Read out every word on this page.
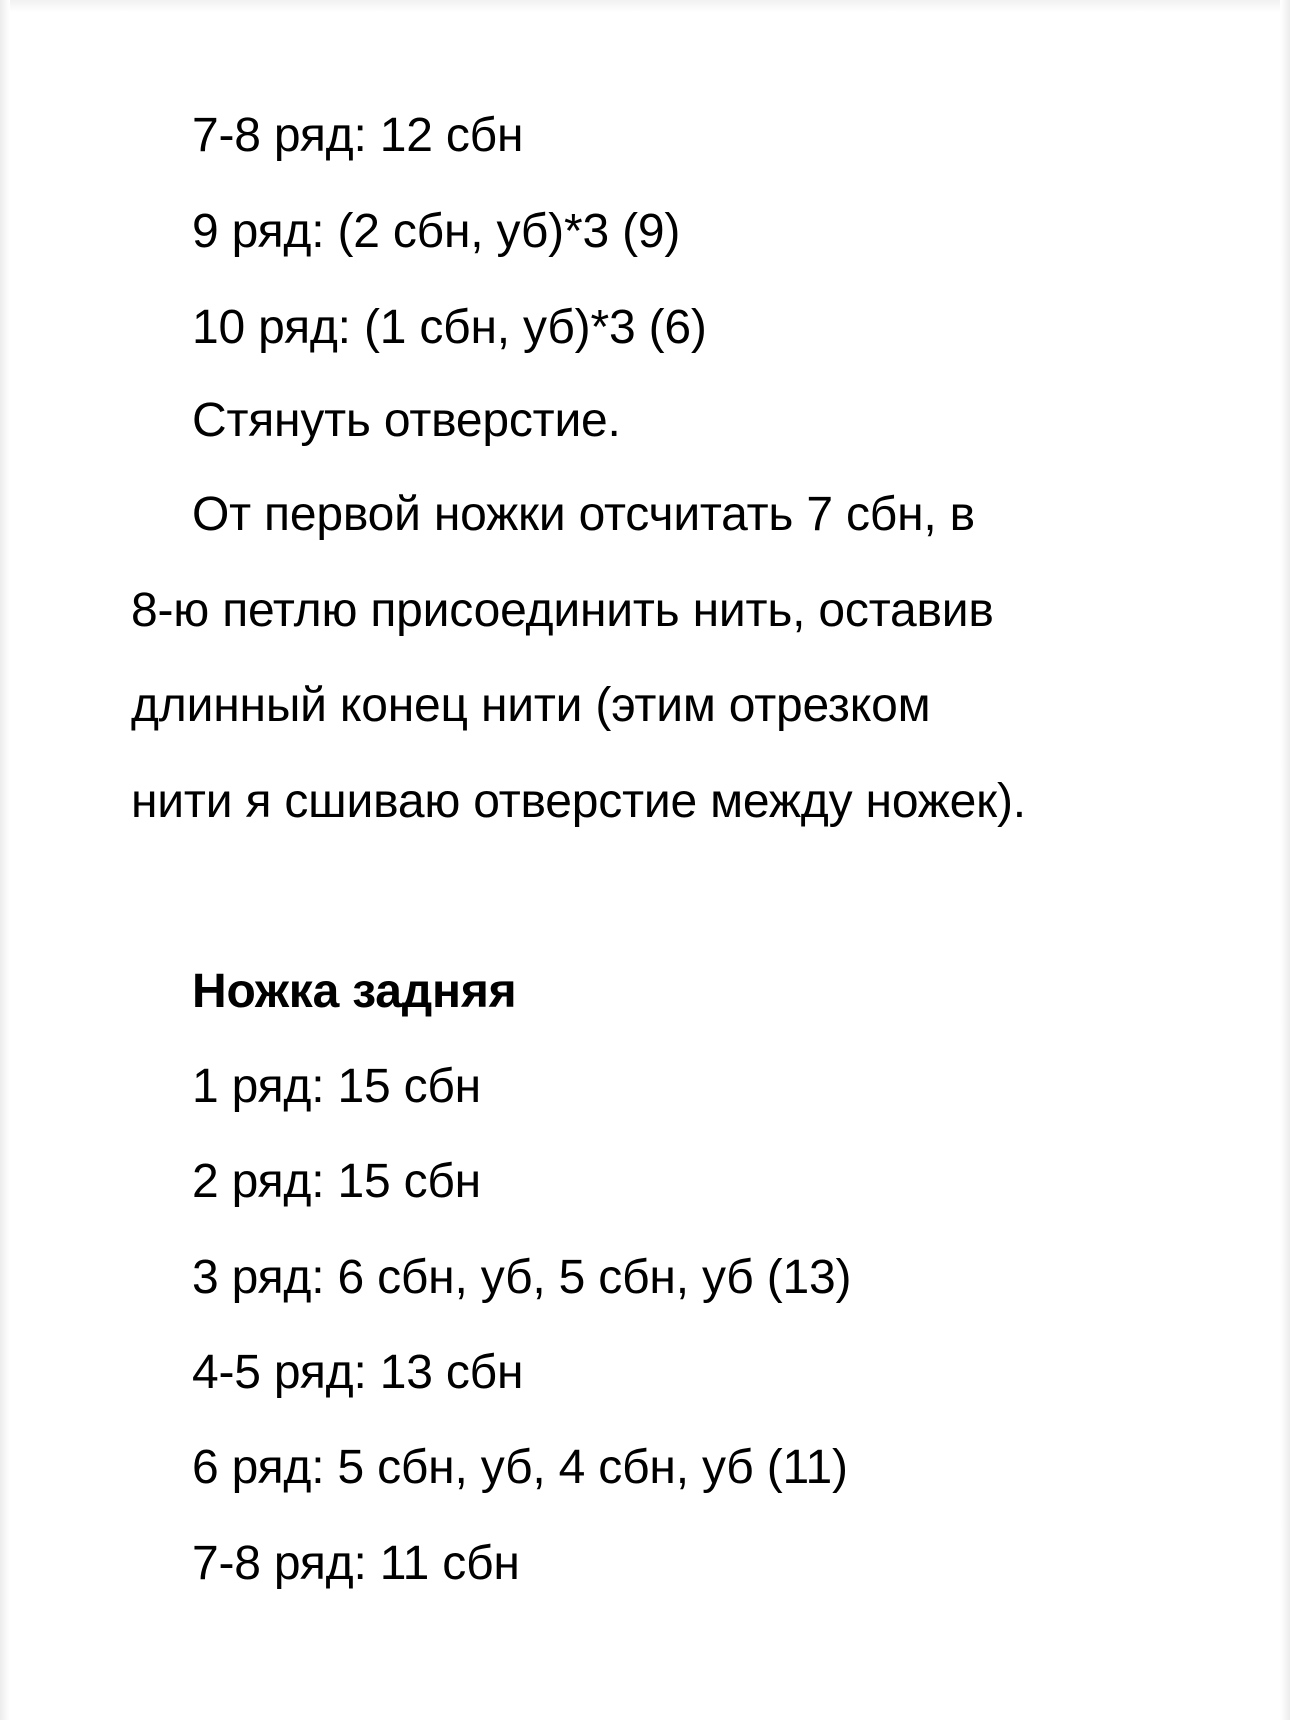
7-8 ряд: 12 сбн

9 ряд: (2 сбн, уб)*3 (9)

10 ряд: (1 сбн, уб)*3 (6)

Стянуть отверстие.

От первой ножки отсчитать 7 сбн, в

8-ю петлю присоединить нить, оставив

длинный конец нити (этим отрезком

нити я сшиваю отверстие между ножек).

Ножка задняя

1 ряд: 15 сбн

2 ряд: 15 сбн

3 ряд: 6 сбн, уб, 5 сбн, уб (13)

4-5 ряд: 13 сбн

6 ряд: 5 сбн, уб, 4 сбн, уб (11)

7-8 ряд: 11 сбн
